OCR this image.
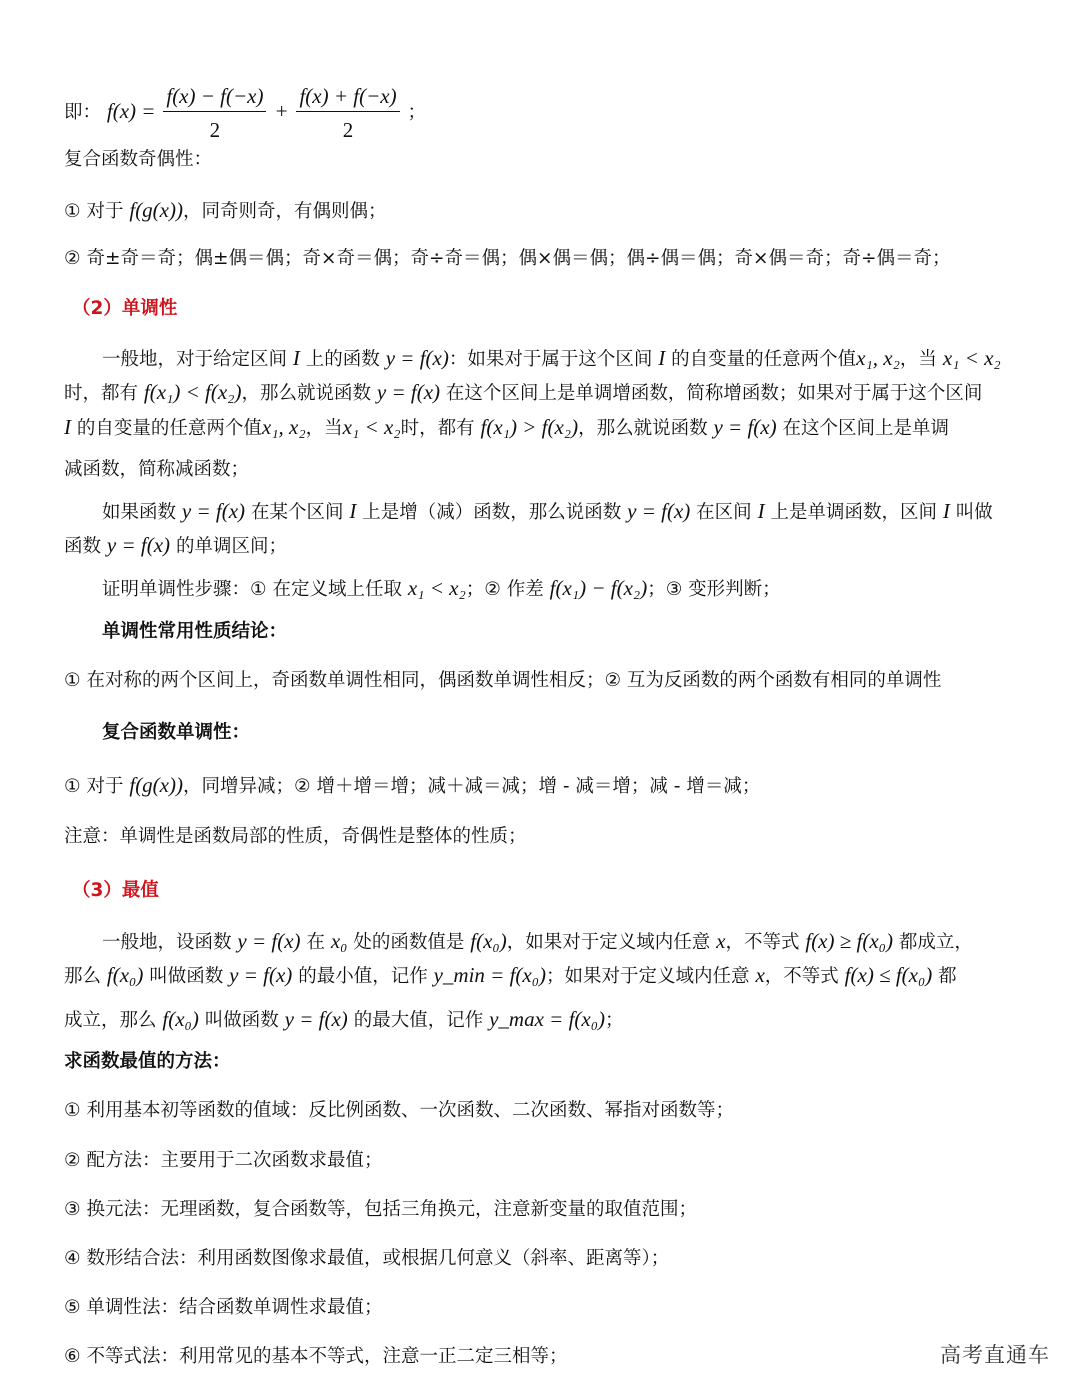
即： $f(x) = \frac{f(x) - f(-x)}{2} + \frac{f(x) + f(-x)}{2}$ ；
复合函数奇偶性：
① 对于 f(g(x))，同奇则奇，有偶则偶；
② 奇±奇＝奇；偶±偶＝偶；奇×奇＝偶；奇÷奇＝偶；偶×偶＝偶；偶÷偶＝偶；奇×偶＝奇；奇÷偶＝奇；
（2）单调性
一般地，对于给定区间 I 上的函数 y = f(x)：如果对于属于这个区间 I 的自变量的任意两个值x₁, x₂，当 x₁ < x₂
时，都有 f(x₁) < f(x₂)，那么就说函数 y = f(x) 在这个区间上是单调增函数，简称增函数；如果对于属于这个区间
I 的自变量的任意两个值x₁, x₂，当x₁ < x₂时，都有 f(x₁) > f(x₂)，那么就说函数 y = f(x) 在这个区间上是单调
减函数，简称减函数；
如果函数 y = f(x) 在某个区间 I 上是增（减）函数，那么说函数 y = f(x) 在区间 I 上是单调函数，区间 I 叫做
函数 y = f(x) 的单调区间；
证明单调性步骤：① 在定义域上任取 x₁ < x₂；② 作差 f(x₁) − f(x₂)；③ 变形判断；
单调性常用性质结论：
① 在对称的两个区间上，奇函数单调性相同，偶函数单调性相反；② 互为反函数的两个函数有相同的单调性
复合函数单调性：
① 对于 f(g(x))，同增异减；② 增＋增＝增；减＋减＝减；增 - 减＝增；减 - 增＝减；
注意：单调性是函数局部的性质，奇偶性是整体的性质；
（3）最值
一般地，设函数 y = f(x) 在 x₀ 处的函数值是 f(x₀)，如果对于定义域内任意 x，不等式 f(x) ≥ f(x₀) 都成立，
那么 f(x₀) 叫做函数 y = f(x) 的最小值，记作 y_min = f(x₀)；如果对于定义域内任意 x，不等式 f(x) ≤ f(x₀) 都
成立，那么 f(x₀) 叫做函数 y = f(x) 的最大值，记作 y_max = f(x₀)；
求函数最值的方法：
① 利用基本初等函数的值域：反比例函数、一次函数、二次函数、幂指对函数等；
② 配方法：主要用于二次函数求最值；
③ 换元法：无理函数，复合函数等，包括三角换元，注意新变量的取值范围；
④ 数形结合法：利用函数图像求最值，或根据几何意义（斜率、距离等）；
⑤ 单调性法：结合函数单调性求最值；
⑥ 不等式法：利用常见的基本不等式，注意一正二定三相等；	高考直通车
